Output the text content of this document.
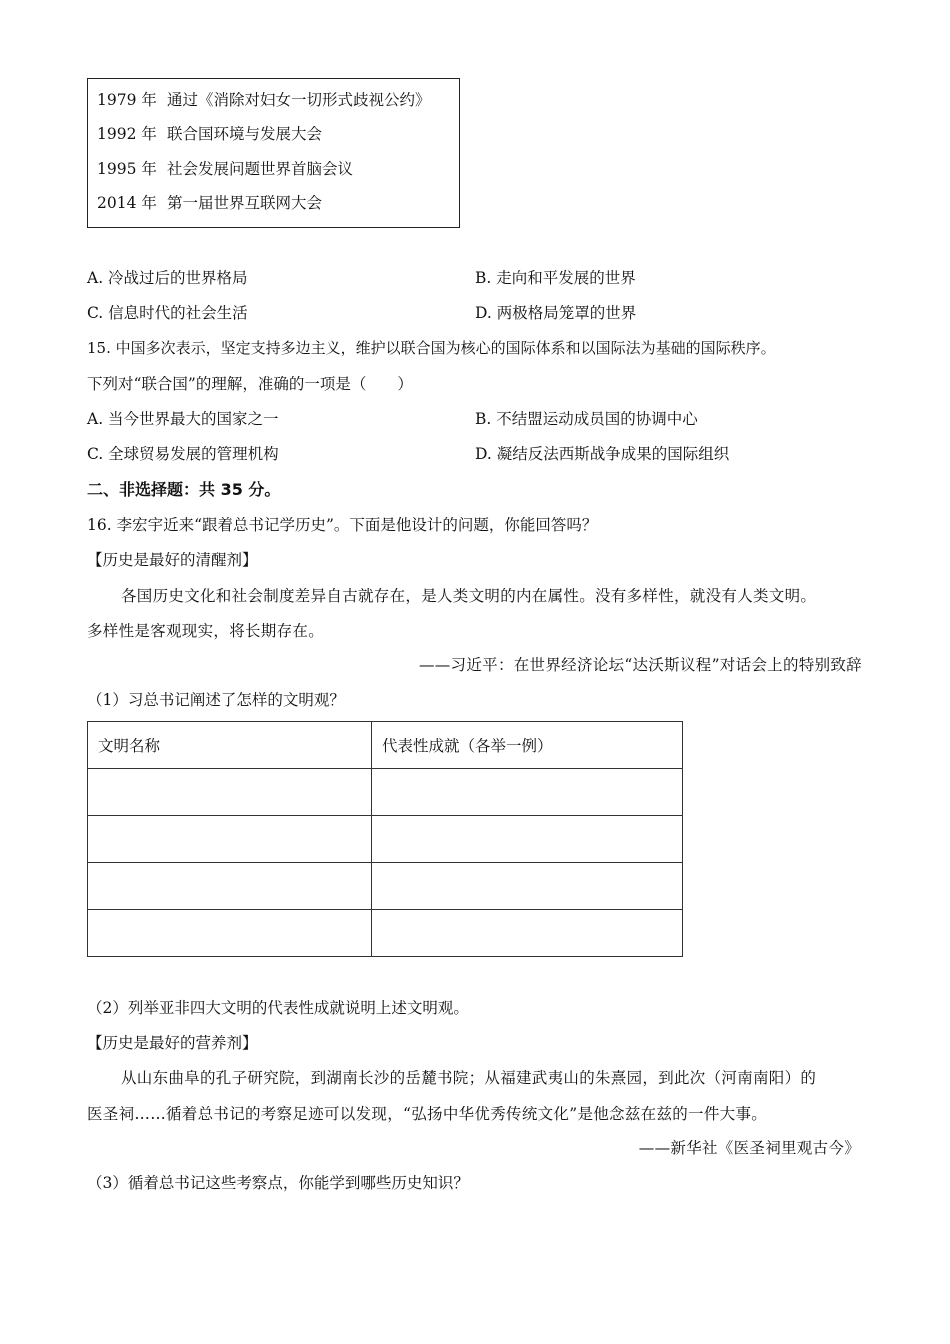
1979 年 通过《消除对妇女一切形式歧视公约》
1992 年 联合国环境与发展大会
1995 年 社会发展问题世界首脑会议
2014 年 第一届世界互联网大会
A. 冷战过后的世界格局	B. 走向和平发展的世界
C. 信息时代的社会生活	D. 两极格局笼罩的世界
15. 中国多次表示，坚定支持多边主义，维护以联合国为核心的国际体系和以国际法为基础的国际秩序。
下列对“联合国”的理解，准确的一项是（　　）
A. 当今世界最大的国家之一	B. 不结盟运动成员国的协调中心
C. 全球贸易发展的管理机构	D. 凝结反法西斯战争成果的国际组织
二、非选择题：共 35 分。
16. 李宏宇近来“跟着总书记学历史”。下面是他设计的问题，你能回答吗？
【历史是最好的清醒剂】
各国历史文化和社会制度差异自古就存在，是人类文明的内在属性。没有多样性，就没有人类文明。
多样性是客观现实，将长期存在。
——习近平：在世界经济论坛“达沃斯议程”对话会上的特别致辞
（1）习总书记阐述了怎样的文明观？
文明名称	代表性成就（各举一例）

（2）列举亚非四大文明的代表性成就说明上述文明观。
【历史是最好的营养剂】
从山东曲阜的孔子研究院，到湖南长沙的岳麓书院；从福建武夷山的朱熹园，到此次（河南南阳）的
医圣祠……循着总书记的考察足迹可以发现，“弘扬中华优秀传统文化”是他念兹在兹的一件大事。
——新华社《医圣祠里观古今》
（3）循着总书记这些考察点，你能学到哪些历史知识？
